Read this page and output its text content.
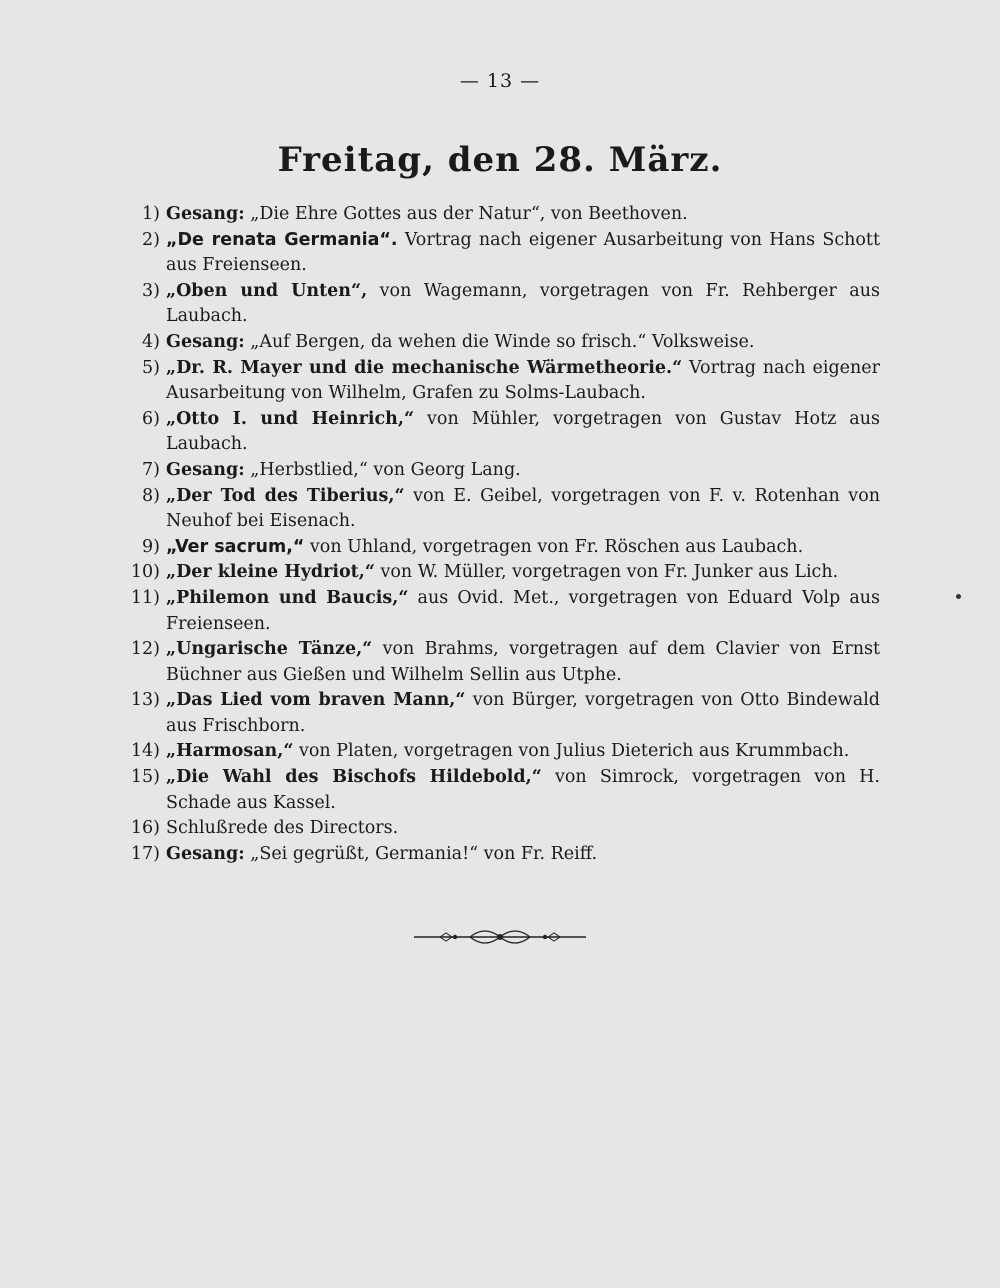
— 13 —
Freitag, den 28. März.
1) Gesang: „Die Ehre Gottes aus der Natur“, von Beethoven.
2) „De renata Germania“. Vortrag nach eigener Ausarbeitung von Hans Schott aus Freienseen.
3) „Oben und Unten“, von Wagemann, vorgetragen von Fr. Rehberger aus Laubach.
4) Gesang: „Auf Bergen, da wehen die Winde so frisch.“ Volksweise.
5) „Dr. R. Mayer und die mechanische Wärmetheorie.“ Vortrag nach eigener Ausarbeitung von Wilhelm, Grafen zu Solms-Laubach.
6) „Otto I. und Heinrich,“ von Mühler, vorgetragen von Gustav Hotz aus Laubach.
7) Gesang: „Herbstlied,“ von Georg Lang.
8) „Der Tod des Tiberius,“ von E. Geibel, vorgetragen von F. v. Rotenhan von Neuhof bei Eisenach.
9) „Ver sacrum,“ von Uhland, vorgetragen von Fr. Röschen aus Laubach.
10) „Der kleine Hydriot,“ von W. Müller, vorgetragen von Fr. Junker aus Lich.
11) „Philemon und Baucis,“ aus Ovid. Met., vorgetragen von Eduard Volp aus Freienseen.
12) „Ungarische Tänze,“ von Brahms, vorgetragen auf dem Clavier von Ernst Büchner aus Gießen und Wilhelm Sellin aus Utphe.
13) „Das Lied vom braven Mann,“ von Bürger, vorgetragen von Otto Bindewald aus Frischborn.
14) „Harmosan,“ von Platen, vorgetragen von Julius Dieterich aus Krummbach.
15) „Die Wahl des Bischofs Hildebold,“ von Simrock, vorgetragen von H. Schade aus Kassel.
16) Schlußrede des Directors.
17) Gesang: „Sei gegrüßt, Germania!“ von Fr. Reiff.
